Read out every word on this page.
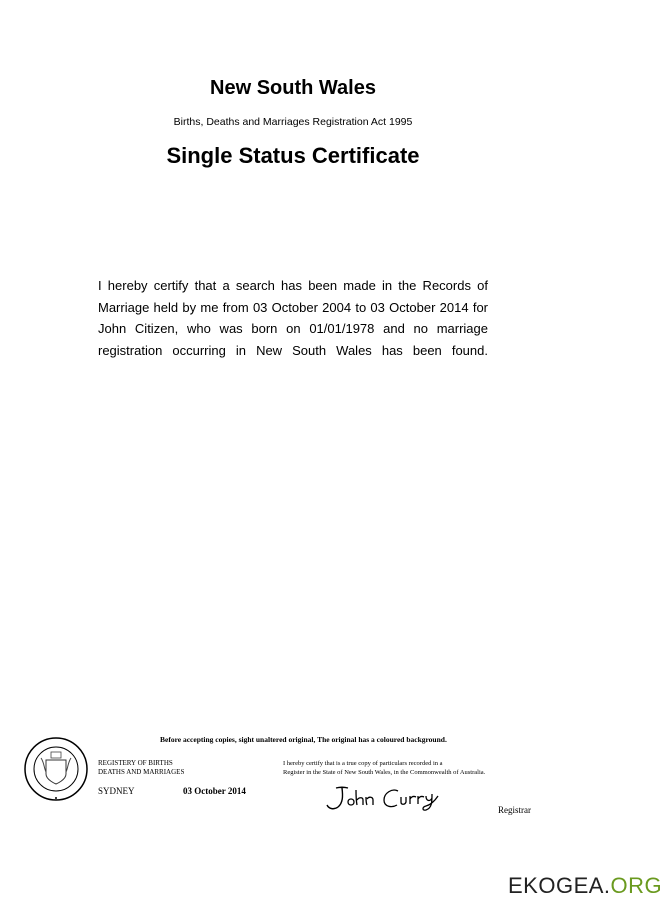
New South Wales
Births, Deaths and Marriages Registration Act 1995
Single Status Certificate
I hereby certify that a search has been made in the Records of Marriage held by me from 03 October 2004 to 03 October 2014 for John Citizen, who was born on 01/01/1978 and no marriage registration occurring in New South Wales has been found.
Before accepting copies, sight unaltered original, The original has a coloured background.
REGISTERY OF BIRTHS
DEATHS AND MARRIAGES
I hereby certify that is a true copy of particulars recorded in a
Register in the State of New South Wales, in the Commonwealth of Australia.
SYDNEY	03 October 2014
Registrar
EKOGEA.ORG
